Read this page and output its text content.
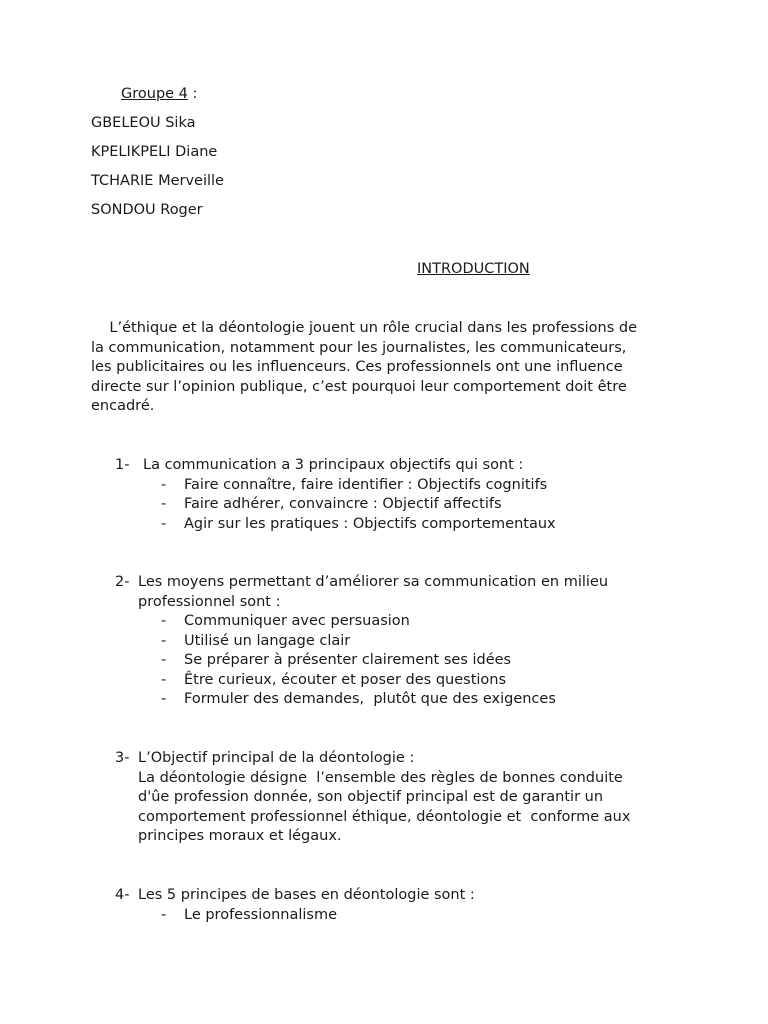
Groupe 4 :
GBELEOU Sika
KPELIKPELI Diane
TCHARIE Merveille
SONDOU Roger
INTRODUCTION
L’éthique et la déontologie jouent un rôle crucial dans les professions de
la communication, notamment pour les journalistes, les communicateurs,
les publicitaires ou les influenceurs. Ces professionnels ont une influence
directe sur l’opinion publique, c’est pourquoi leur comportement doit être
encadré.
1- La communication a 3 principaux objectifs qui sont :
- Faire connaître, faire identifier : Objectifs cognitifs
- Faire adhérer, convaincre : Objectif affectifs
- Agir sur les pratiques : Objectifs comportementaux
2- Les moyens permettant d’améliorer sa communication en milieu
professionnel sont :
- Communiquer avec persuasion
- Utilisé un langage clair
- Se préparer à présenter clairement ses idées
- Être curieux, écouter et poser des questions
- Formuler des demandes,  plutôt que des exigences
3- L’Objectif principal de la déontologie :
La déontologie désigne  l’ensemble des règles de bonnes conduite
d'ûe profession donnée, son objectif principal est de garantir un
comportement professionnel éthique, déontologie et  conforme aux
principes moraux et légaux.
4- Les 5 principes de bases en déontologie sont :
- Le professionnalisme
